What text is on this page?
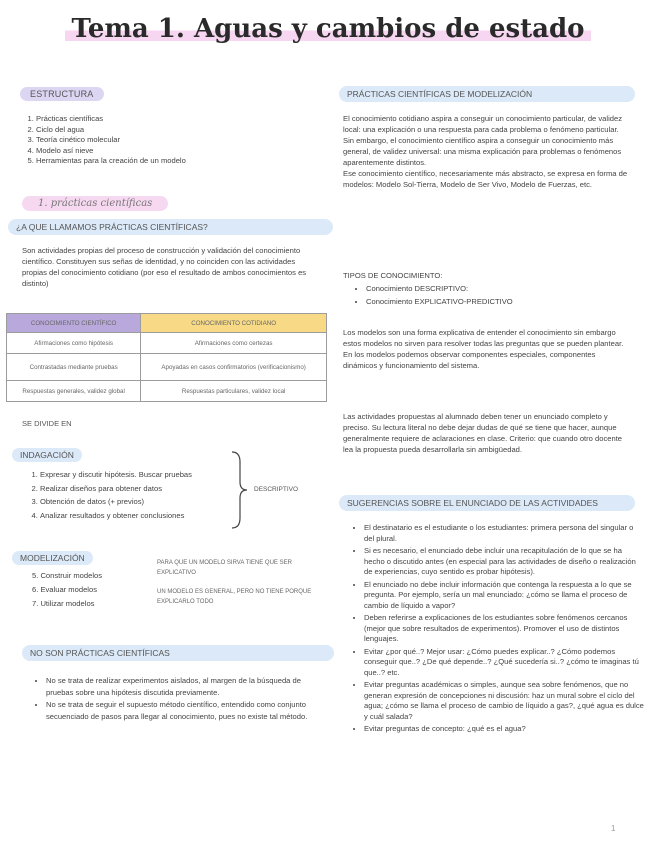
Tema 1. Aguas y cambios de estado
ESTRUCTURA
1. Prácticas científicas
2. Ciclo del agua
3. Teoría cinético molecular
4. Modelo así nieve
5. Herramientas para la creación de un modelo
1. prácticas científicas
¿A QUE LLAMAMOS PRÁCTICAS CIENTÍFICAS?
Son actividades propias del proceso de construcción y validación del conocimiento científico. Constituyen sus señas de identidad, y no coinciden con las actividades propias del conocimiento cotidiano (por eso el resultado de ambos conocimientos es distinto)
CONOCIMIENTO CIENTÍFICO	CONOCIMIENTO COTIDIANO
Afirmaciones como hipótesis	Afirmaciones como certezas
Contrastadas mediante pruebas	Apoyadas en casos confirmatorios (verificacionismo)
Respuestas generales, validez global	Respuestas particulares, validez local
SE DIVIDE EN
INDAGACIÓN
1. Expresar y discutir hipótesis. Buscar pruebas
2. Realizar diseños para obtener datos
3. Obtención de datos (+ previos)
4. Analizar resultados y obtener conclusiones
DESCRIPTIVO
MODELIZACIÓN
5. Construir modelos
6. Evaluar modelos
7. Utilizar modelos
PARA QUE UN MODELO SIRVA TIENE QUE SER EXPLICATIVO
UN MODELO ES GENERAL, PERO NO TIENE PORQUE EXPLICARLO TODO
NO SON PRÁCTICAS CIENTÍFICAS
• No se trata de realizar experimentos aislados, al margen de la búsqueda de pruebas sobre una hipótesis discutida previamente.
• No se trata de seguir el supuesto método científico, entendido como conjunto secuenciado de pasos para llegar al conocimiento, pues no existe tal método.
PRÁCTICAS CIENTÍFICAS DE MODELIZACIÓN
El conocimiento cotidiano aspira a conseguir un conocimiento particular, de validez local: una explicación o una respuesta para cada problema o fenómeno particular.
Sin embargo, el conocimiento científico aspira a conseguir un conocimiento más general, de validez universal: una misma explicación para problemas o fenómenos aparentemente distintos.
Ese conocimiento científico, necesariamente más abstracto, se expresa en forma de modelos: Modelo Sol-Tierra, Modelo de Ser Vivo, Modelo de Fuerzas, etc.
TIPOS DE CONOCIMIENTO:
• Conocimiento DESCRIPTIVO:
• Conocimiento EXPLICATIVO-PREDICTIVO
Los modelos son una forma explicativa de entender el conocimiento sin embargo estos modelos no sirven para resolver todas las preguntas que se pueden plantear. En los modelos podemos observar componentes especiales, componentes dinámicos y funcionamiento del sistema.
Las actividades propuestas al alumnado deben tener un enunciado completo y preciso. Su lectura literal no debe dejar dudas de qué se tiene que hacer, aunque generalmente requiere de aclaraciones en clase. Criterio: que cuando otro docente lea la propuesta pueda desarrollarla sin ambigüedad.
SUGERENCIAS SOBRE EL ENUNCIADO DE LAS ACTIVIDADES
• El destinatario es el estudiante o los estudiantes: primera persona del singular o del plural.
• Si es necesario, el enunciado debe incluir una recapitulación de lo que se ha hecho o discutido antes (en especial para las actividades de diseño o realización de experiencias, cuyo sentido es probar hipótesis).
• El enunciado no debe incluir información que contenga la respuesta a lo que se pregunta. Por ejemplo, sería un mal enunciado: ¿cómo se llama el proceso de cambio de líquido a vapor?
• Deben referirse a explicaciones de los estudiantes sobre fenómenos cercanos (mejor que sobre resultados de experimentos). Promover el uso de distintos lenguajes.
• Evitar ¿por qué..? Mejor usar: ¿Cómo puedes explicar..? ¿Cómo podemos conseguir que..? ¿De qué depende..? ¿Qué sucedería si..? ¿cómo te imaginas tú que..? etc.
• Evitar preguntas académicas o simples, aunque sea sobre fenómenos, que no generan expresión de concepciones ni discusión: haz un mural sobre el ciclo del agua; ¿cómo se llama el proceso de cambio de líquido a gas?, ¿qué agua es dulce y cuál salada?
• Evitar preguntas de concepto: ¿qué es el agua?
1
